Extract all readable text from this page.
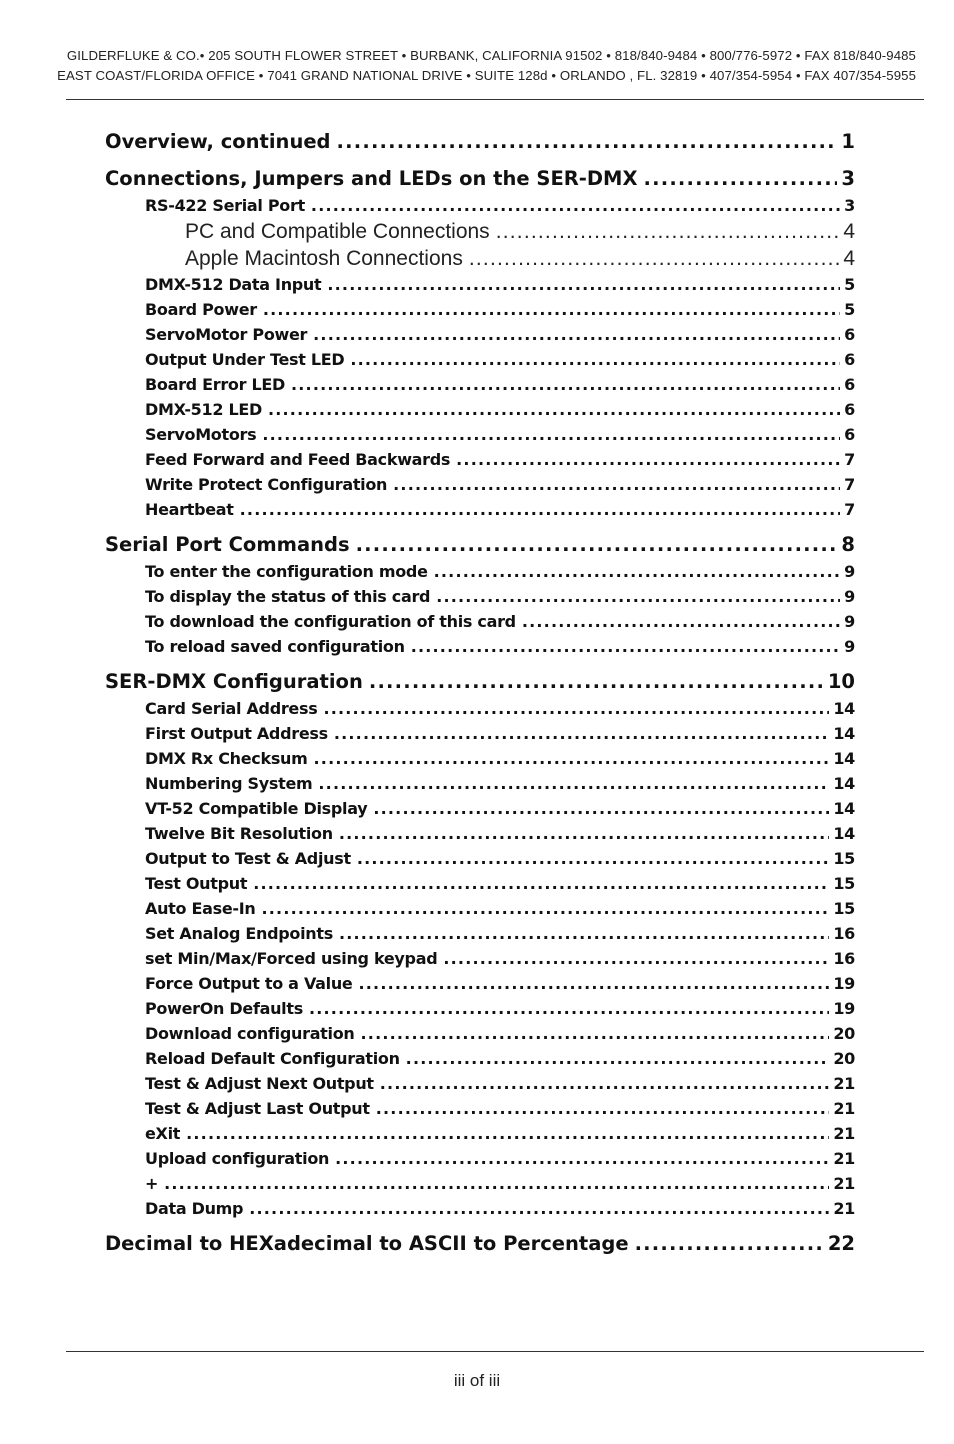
GILDERFLUKE & CO.• 205 SOUTH FLOWER STREET • BURBANK, CALIFORNIA 91502 • 818/840-9484 • 800/776-5972 • FAX 818/840-9485
EAST COAST/FLORIDA OFFICE • 7041 GRAND NATIONAL DRIVE • SUITE 128d • ORLANDO , FL. 32819 • 407/354-5954 • FAX 407/354-5955
Overview, continued .....	1
Connections, Jumpers and LEDs on the SER-DMX .....	3
RS-422 Serial Port .....	3
PC and Compatible Connections .....	4
Apple Macintosh Connections .....	4
DMX-512 Data Input .....	5
Board Power .....	5
ServoMotor Power .....	6
Output Under Test LED .....	6
Board Error LED .....	6
DMX-512 LED .....	6
ServoMotors .....	6
Feed Forward and Feed Backwards .....	7
Write Protect Configuration .....	7
Heartbeat .....	7
Serial Port Commands .....	8
To enter the configuration mode .....	9
To display the status of this card .....	9
To download the configuration of this card .....	9
To reload saved configuration .....	9
SER-DMX Configuration .....	10
Card Serial Address .....	14
First Output Address .....	14
DMX Rx Checksum .....	14
Numbering System .....	14
VT-52 Compatible Display .....	14
Twelve Bit Resolution .....	14
Output to Test & Adjust .....	15
Test Output .....	15
Auto Ease-In .....	15
Set Analog Endpoints .....	16
set Min/Max/Forced using keypad .....	16
Force Output to a Value .....	19
PowerOn Defaults .....	19
Download configuration .....	20
Reload Default Configuration .....	20
Test & Adjust Next Output .....	21
Test & Adjust Last Output .....	21
eXit .....	21
Upload configuration .....	21
+ .....	21
Data Dump .....	21
Decimal to HEXadecimal to ASCII to Percentage .....	22
iii of iii
